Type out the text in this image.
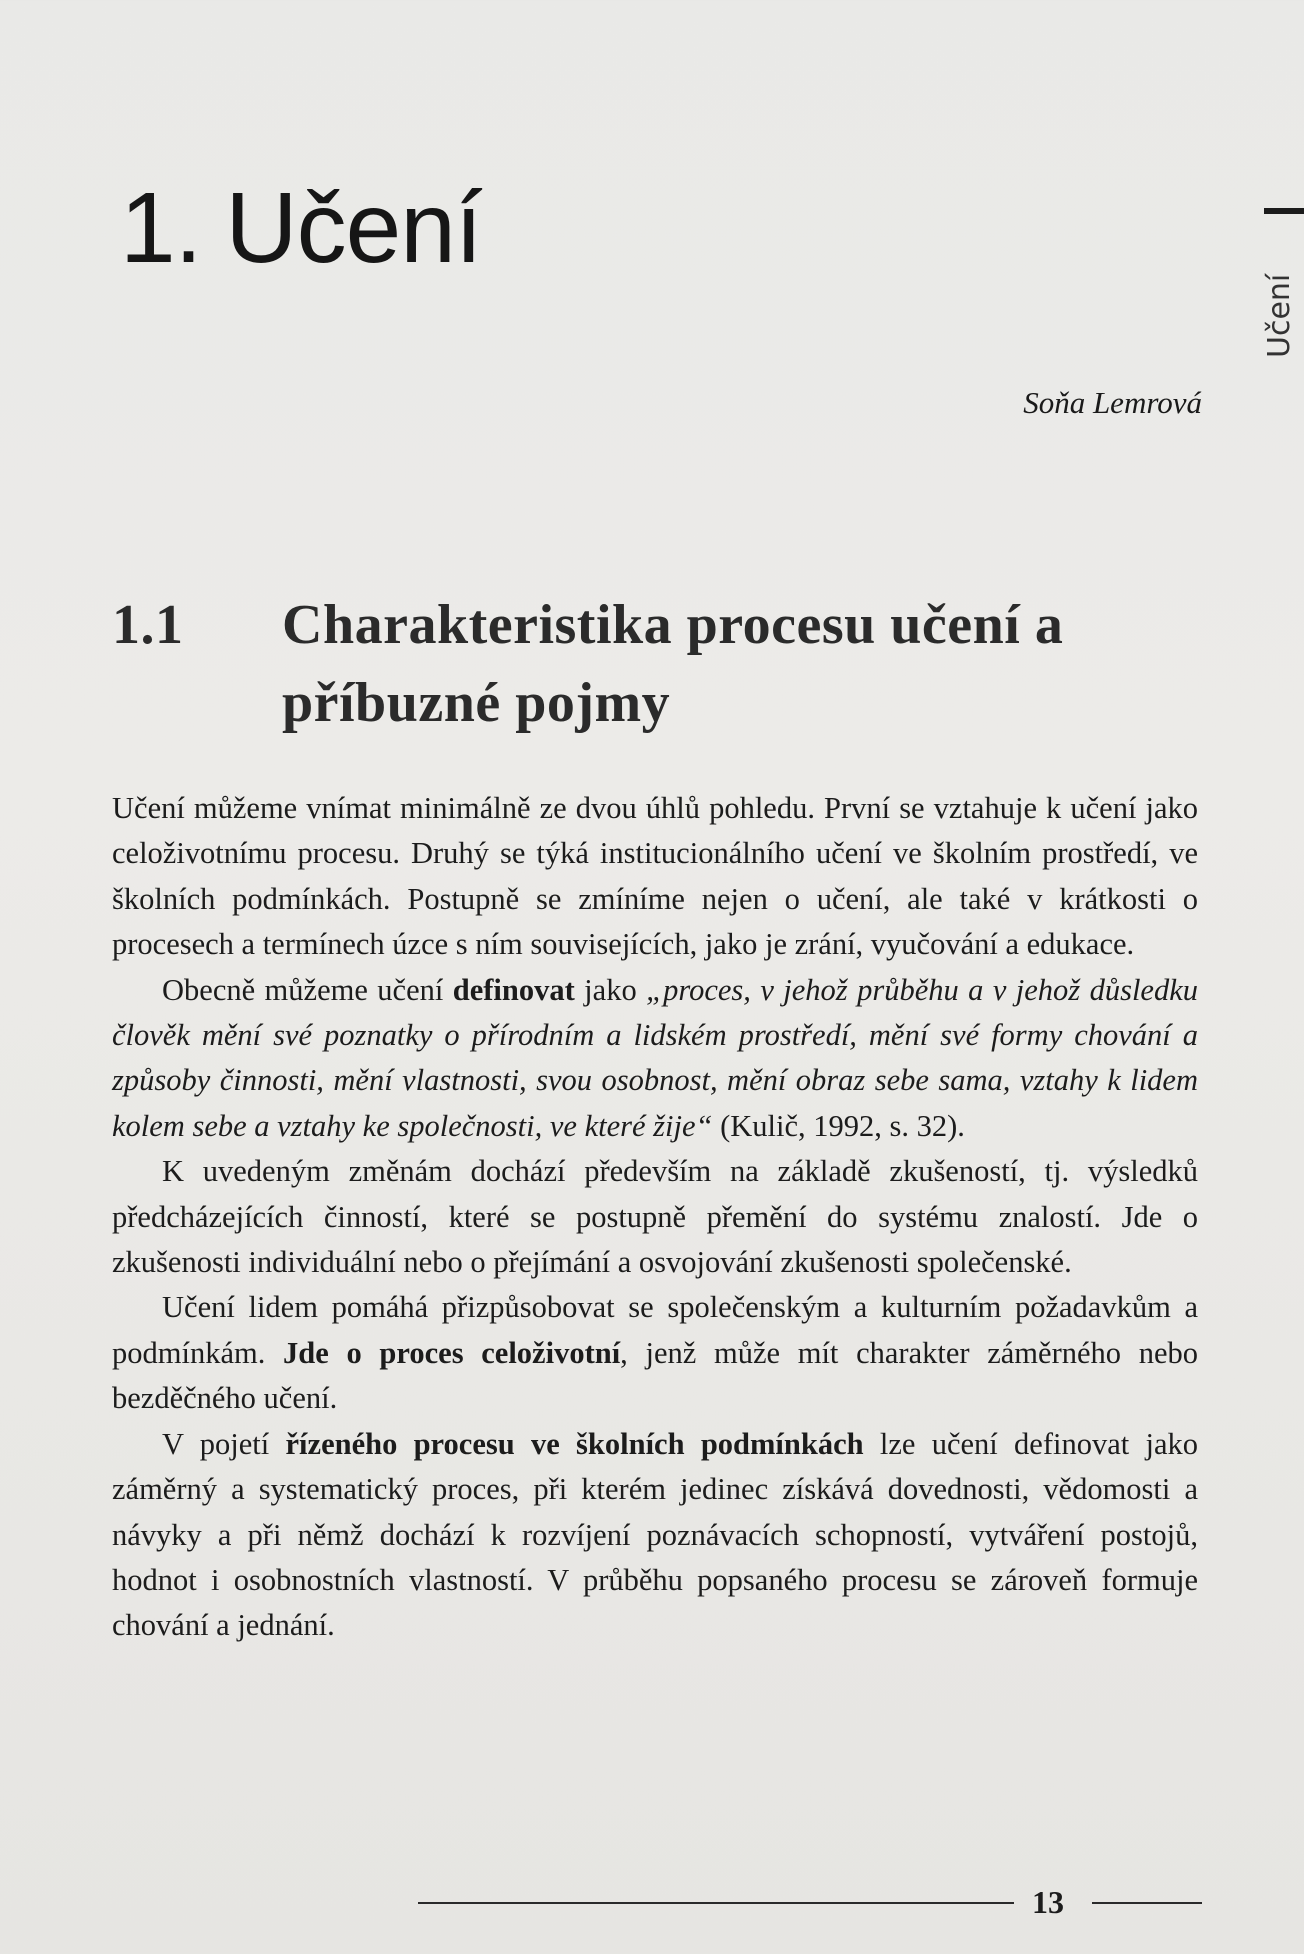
1. Učení
Učení
Soňa Lemrová
1.1 Charakteristika procesu učení a příbuzné pojmy

Učení můžeme vnímat minimálně ze dvou úhlů pohledu. První se vztahuje k učení jako celoživotnímu procesu. Druhý se týká institucionálního učení ve školním prostředí, ve školních podmínkách. Postupně se zmíníme nejen o učení, ale také v krátkosti o procesech a termínech úzce s ním souvisejících, jako je zrání, vyučování a edukace.

Obecně můžeme učení definovat jako „proces, v jehož průběhu a v jehož důsledku člověk mění své poznatky o přírodním a lidském prostředí, mění své formy chování a způsoby činnosti, mění vlastnosti, svou osobnost, mění obraz sebe sama, vztahy k lidem kolem sebe a vztahy ke společnosti, ve které žije“ (Kulič, 1992, s. 32).

K uvedeným změnám dochází především na základě zkušeností, tj. výsledků předcházejících činností, které se postupně přemění do systému znalostí. Jde o zkušenosti individuální nebo o přejímání a osvojování zkušenosti společenské.

Učení lidem pomáhá přizpůsobovat se společenským a kulturním požadavkům a podmínkám. Jde o proces celoživotní, jenž může mít charakter záměrného nebo bezděčného učení.

V pojetí řízeného procesu ve školních podmínkách lze učení definovat jako záměrný a systematický proces, při kterém jedinec získává dovednosti, vědomosti a návyky a při němž dochází k rozvíjení poznávacích schopností, vytváření postojů, hodnot i osobnostních vlastností. V průběhu popsaného procesu se zároveň formuje chování a jednání.

13
